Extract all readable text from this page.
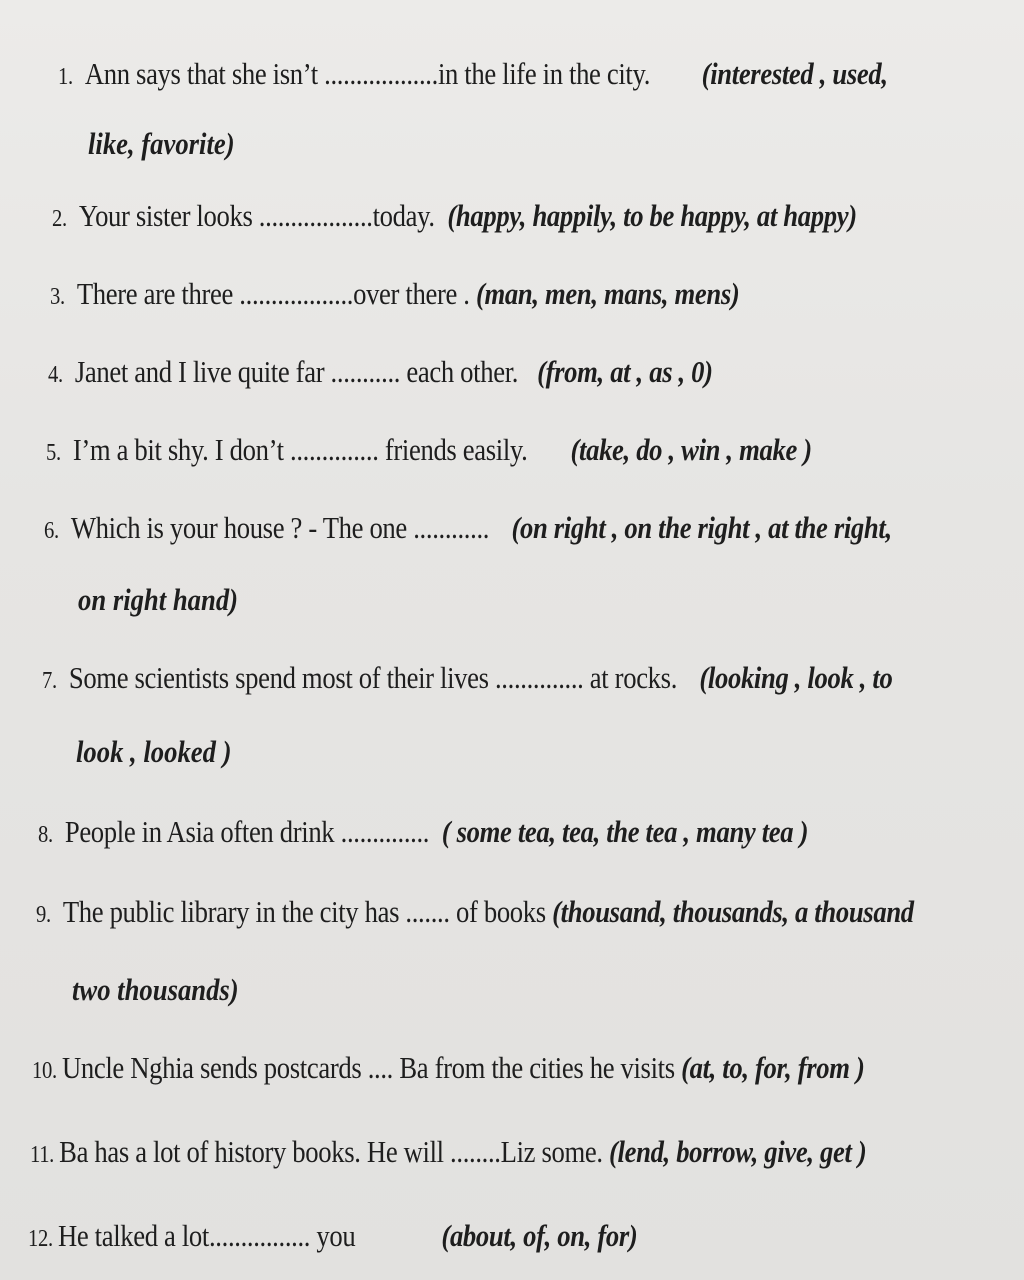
1. Ann says that she isn’t ..................in the life in the city. (interested , used,
like, favorite)
2. Your sister looks ..................today. (happy, happily, to be happy, at happy)
3. There are three ..................over there . (man, men, mans, mens)
4. Janet and I live quite far ........... each other. (from, at , as , 0)
5. I’m a bit shy. I don’t .............. friends easily. (take, do , win , make )
6. Which is your house ? - The one ............ (on right , on the right , at the right,
on right hand)
7. Some scientists spend most of their lives .............. at rocks. (looking , look , to
look , looked )
8. People in Asia often drink .............. ( some tea, tea, the tea , many tea )
9. The public library in the city has ....... of books (thousand, thousands, a thousand
two thousands)
10. Uncle Nghia sends postcards .... Ba from the cities he visits (at, to, for, from )
11. Ba has a lot of history books. He will ........Liz some. (lend, borrow, give, get )
12. He talked a lot................ you	(about, of, on, for)
